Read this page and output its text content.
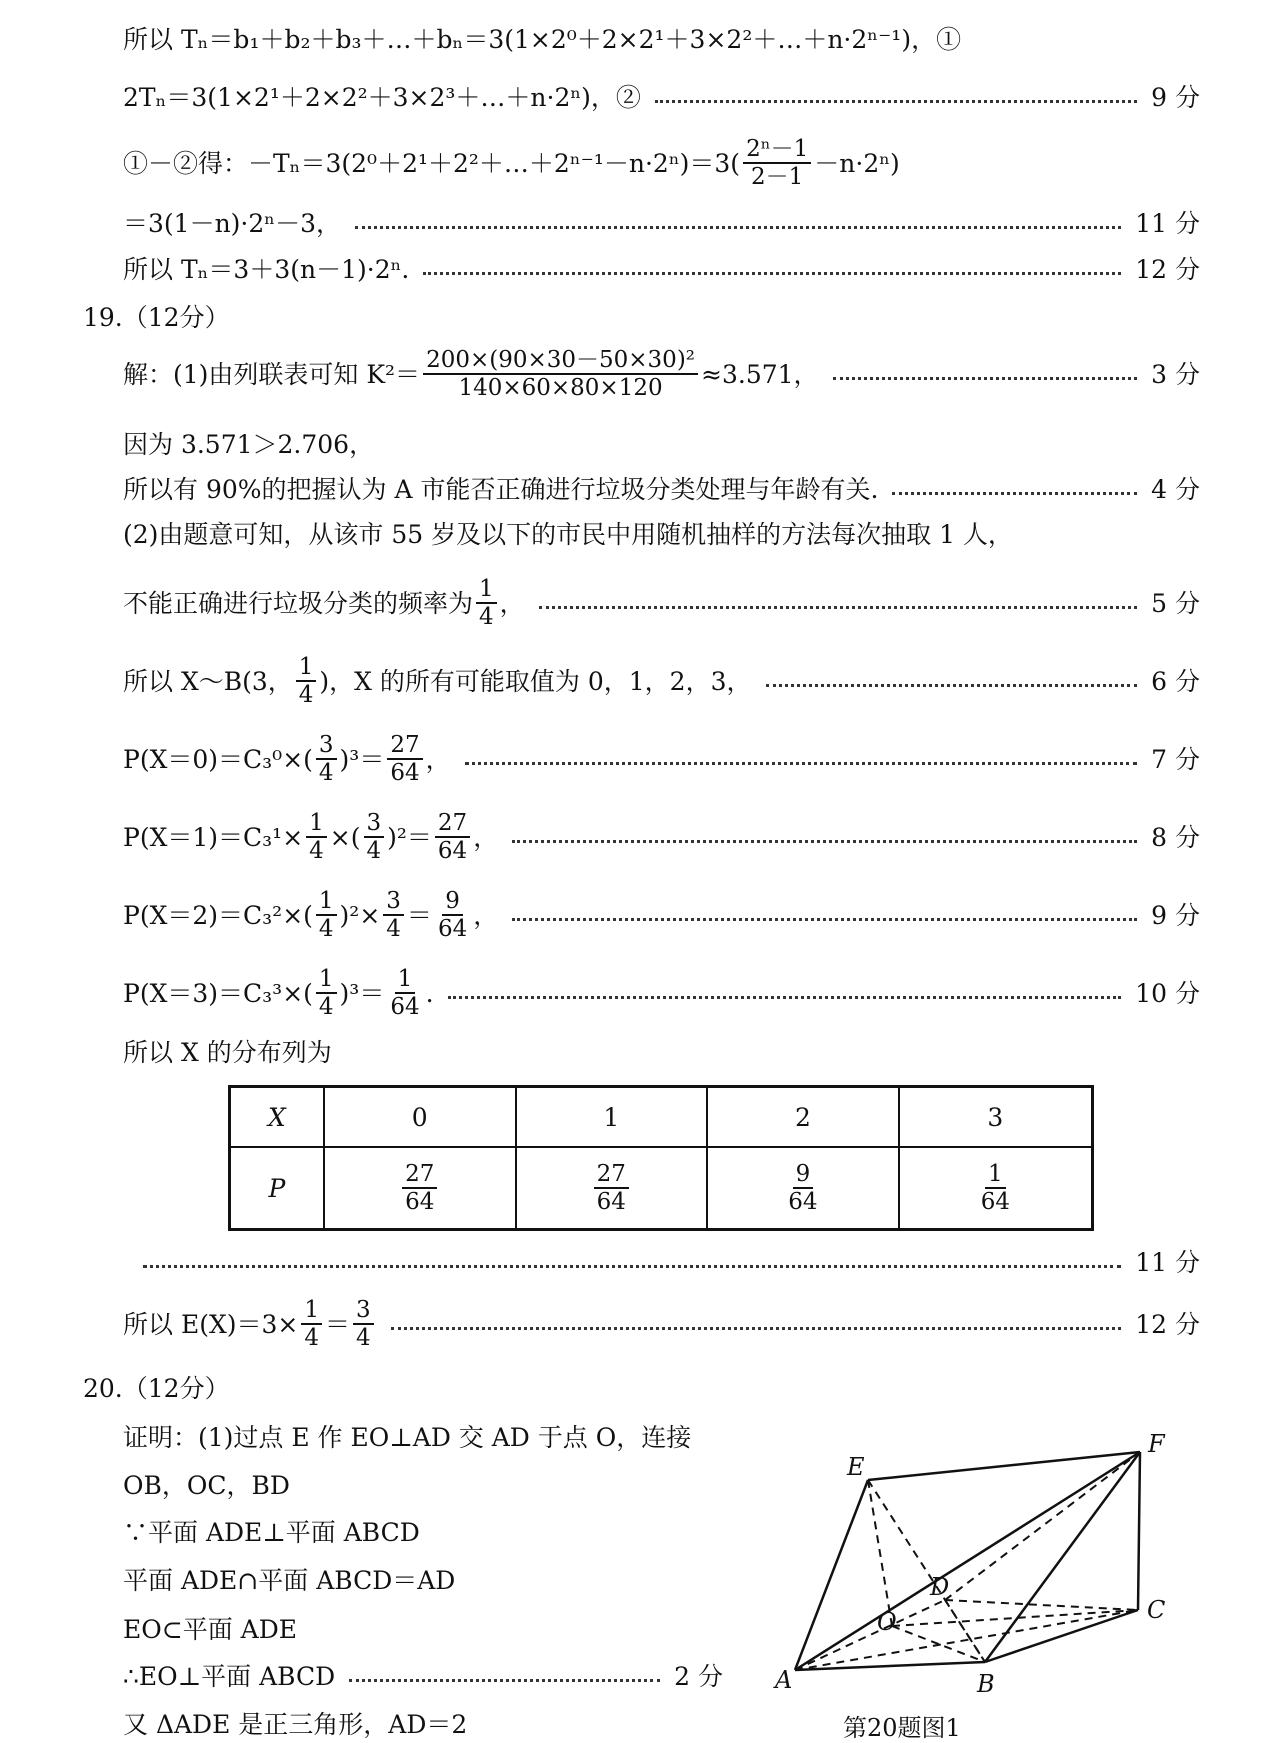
所以 Tₙ＝b₁＋b₂＋b₃＋…＋bₙ＝3(1×2⁰＋2×2¹＋3×2²＋…＋n·2ⁿ⁻¹)，①
2Tₙ＝3(1×2¹＋2×2²＋3×2³＋…＋n·2ⁿ)，②	9 分
①－②得：－Tₙ＝3(2⁰＋2¹＋2²＋…＋2ⁿ⁻¹－n·2ⁿ)＝3( $\frac{\text{2ⁿ－1}}{2-1} -n\cdot 2^n$)
＝3(1－n)·2ⁿ－3，	11 分
所以 Tₙ＝3＋3(n－1)·2ⁿ.	12 分
19.（12分）
解：(1)由列联表可知 $K^2= \frac{\text{200×(90×30－50×30)²}}{140\times 60\times 80\times 120} \approx 3.571$，	3 分
因为 3.571＞2.706，
所以有 90%的把握认为 A 市能否正确进行垃圾分类处理与年龄有关.	4 分
(2)由题意可知，从该市 55 岁及以下的市民中用随机抽样的方法每次抽取 1 人，
不能正确进行垃圾分类的频率为 $\frac{1}{4}$ ，	5 分
所以 X～B(3， $\frac{1}{4}$ )，X 的所有可能取值为 0，1，2，3，	6 分
$P(X=0)=C_3^0\times( \frac{3}{4} )^3= \frac{27}{64}$ ，	7 分
$P(X=1)=C_3^1\times \frac{1}{4}$ ×( $\frac{3}{4} )^2= \frac{27}{64}$ ，	8 分
$P(X=2)=C_3^2\times( \frac{1}{4} )^2\times \frac{3}{4} = \frac{9}{64}$ ，	9 分
$P(X=3)=C_3^3\times( \frac{1}{4} )^3= \frac{1}{64}$ .	10 分
所以 X 的分布列为
X	0	1	2	3
P	$\frac{27}{64}$	$\frac{27}{64}$	$\frac{9}{64}$	$\frac{1}{64}$
11 分
所以 $E(X)=3\times \frac{1}{4} = \frac{3}{4}$	12 分
20.（12分）
证明：(1)过点 E 作 EO⊥AD 交 AD 于点 O，连接
OB，OC，BD
∵平面 ADE⊥平面 ABCD
平面 ADE∩平面 ABCD＝AD
EO⊂平面 ADE
∴EO⊥平面 ABCD	2 分
又 ΔADE 是正三角形，AD＝2
E
F
D
C
O
A	B
第20题图1
